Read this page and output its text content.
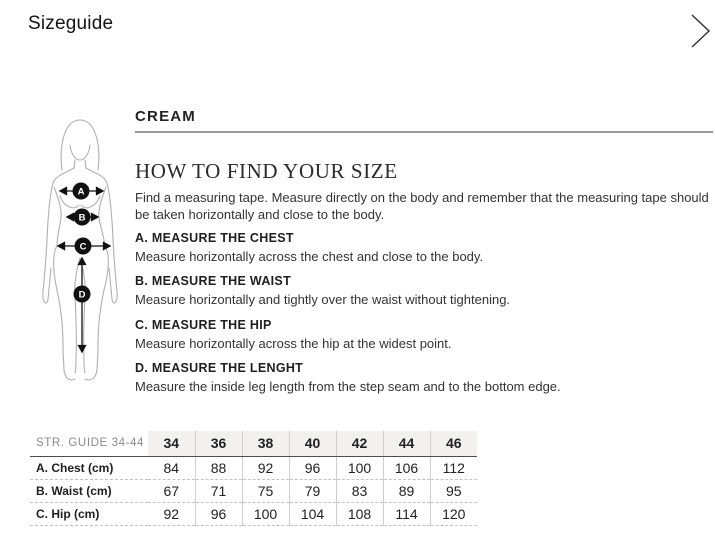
Sizeguide
A
B
C
D
CREAM
HOW TO FIND YOUR SIZE
Find a measuring tape. Measure directly on the body and remember that the measuring tape should be taken horizontally and close to the body.
A. MEASURE THE CHEST

Measure horizontally across the chest and close to the body.

B. MEASURE THE WAIST

Measure horizontally and tightly over the waist without tightening.

C. MEASURE THE HIP

Measure horizontally across the hip at the widest point.

D. MEASURE THE LENGHT

Measure the inside leg length from the step seam and to the bottom edge.

STR. GUIDE 34-44	34	36	38	40	42	44	46
A. Chest (cm)	84	88	92	96	100	106	112
B. Waist (cm)	67	71	75	79	83	89	95
C. Hip (cm)	92	96	100	104	108	114	120
